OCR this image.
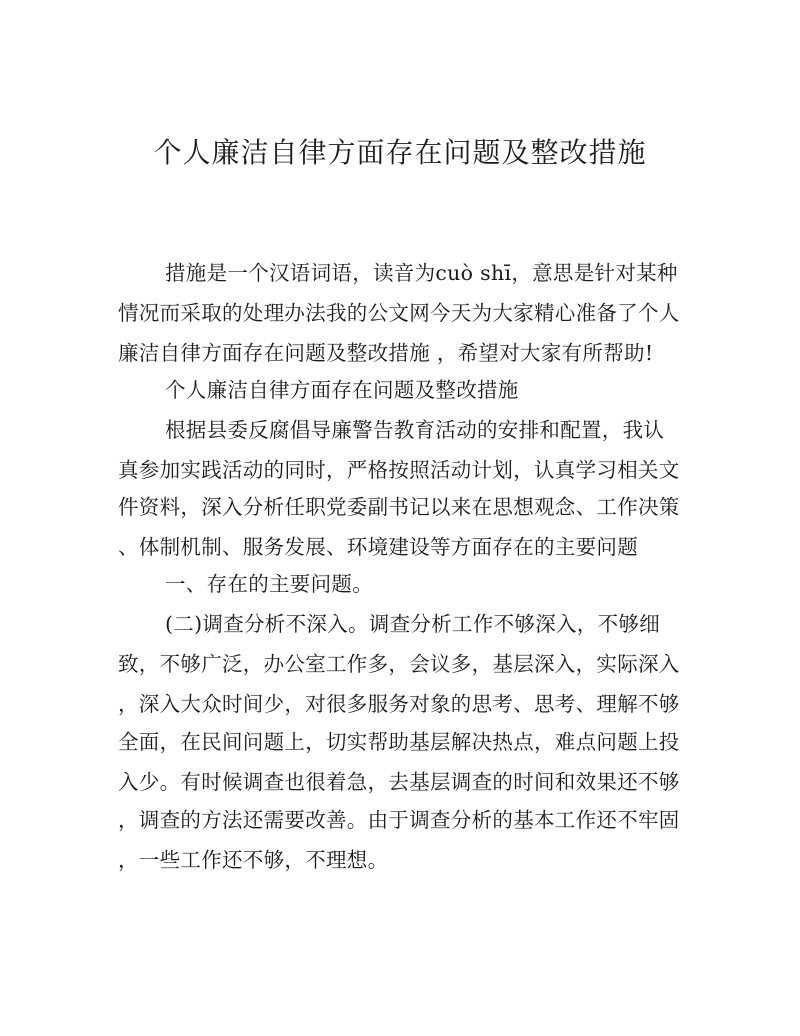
个人廉洁自律方面存在问题及整改措施

措施是一个汉语词语，读音为cuò shī，意思是针对某种

情况而采取的处理办法我的公文网今天为大家精心准备了个人

廉洁自律方面存在问题及整改措施 ，希望对大家有所帮助!

个人廉洁自律方面存在问题及整改措施

根据县委反腐倡导廉警告教育活动的安排和配置，我认

真参加实践活动的同时，严格按照活动计划，认真学习相关文

件资料，深入分析任职党委副书记以来在思想观念、工作决策

、体制机制、服务发展、环境建设等方面存在的主要问题

一、存在的主要问题。

(二)调查分析不深入。调查分析工作不够深入，不够细

致，不够广泛，办公室工作多，会议多，基层深入，实际深入

，深入大众时间少，对很多服务对象的思考、思考、理解不够

全面，在民间问题上，切实帮助基层解决热点，难点问题上投

入少。有时候调查也很着急，去基层调查的时间和效果还不够

，调查的方法还需要改善。由于调查分析的基本工作还不牢固

，一些工作还不够，不理想。
